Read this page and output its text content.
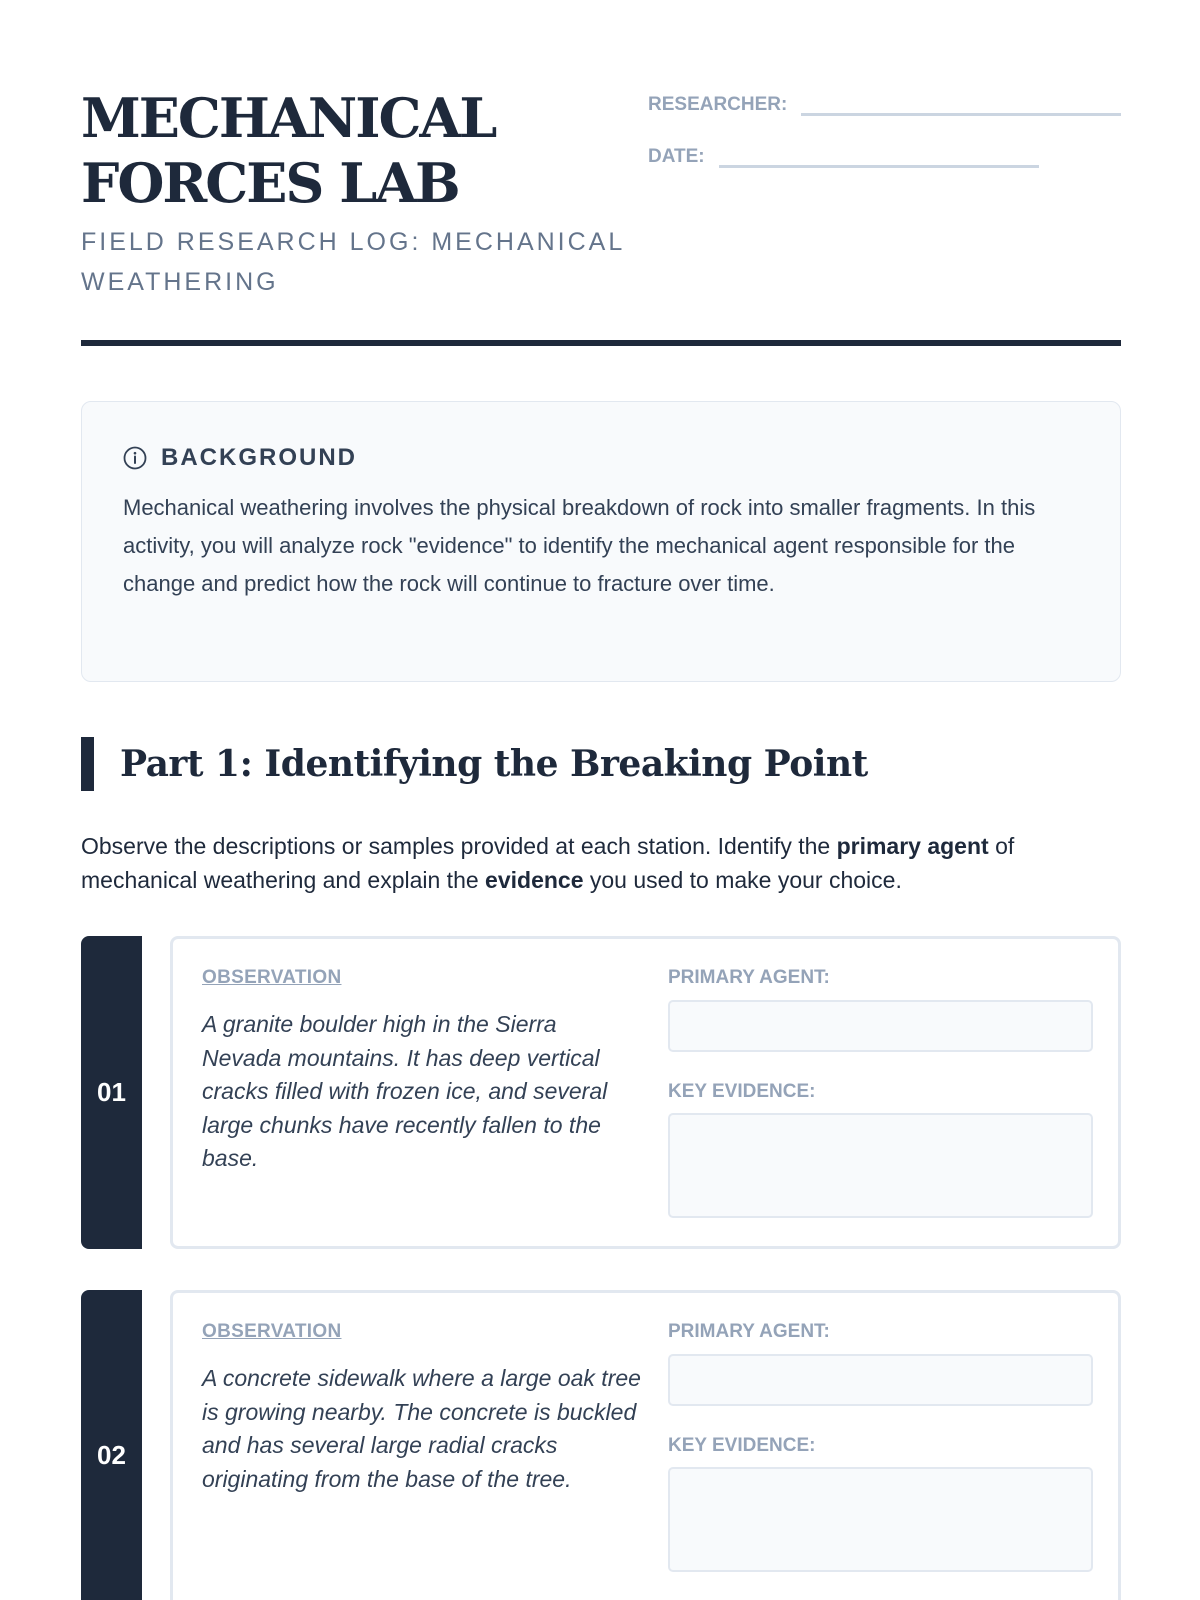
MECHANICAL
FORCES LAB
FIELD RESEARCH LOG: MECHANICAL WEATHERING
RESEARCHER:
DATE:
BACKGROUND

Mechanical weathering involves the physical breakdown of rock into smaller fragments. In this activity, you will analyze rock "evidence" to identify the mechanical agent responsible for the change and predict how the rock will continue to fracture over time.

Part 1: Identifying the Breaking Point

Observe the descriptions or samples provided at each station. Identify the primary agent of mechanical weathering and explain the evidence you used to make your choice.

01
OBSERVATION

A granite boulder high in the Sierra Nevada mountains. It has deep vertical cracks filled with frozen ice, and several large chunks have recently fallen to the base.

PRIMARY AGENT:
KEY EVIDENCE:
02
OBSERVATION

A concrete sidewalk where a large oak tree is growing nearby. The concrete is buckled and has several large radial cracks originating from the base of the tree.

PRIMARY AGENT:
KEY EVIDENCE:
